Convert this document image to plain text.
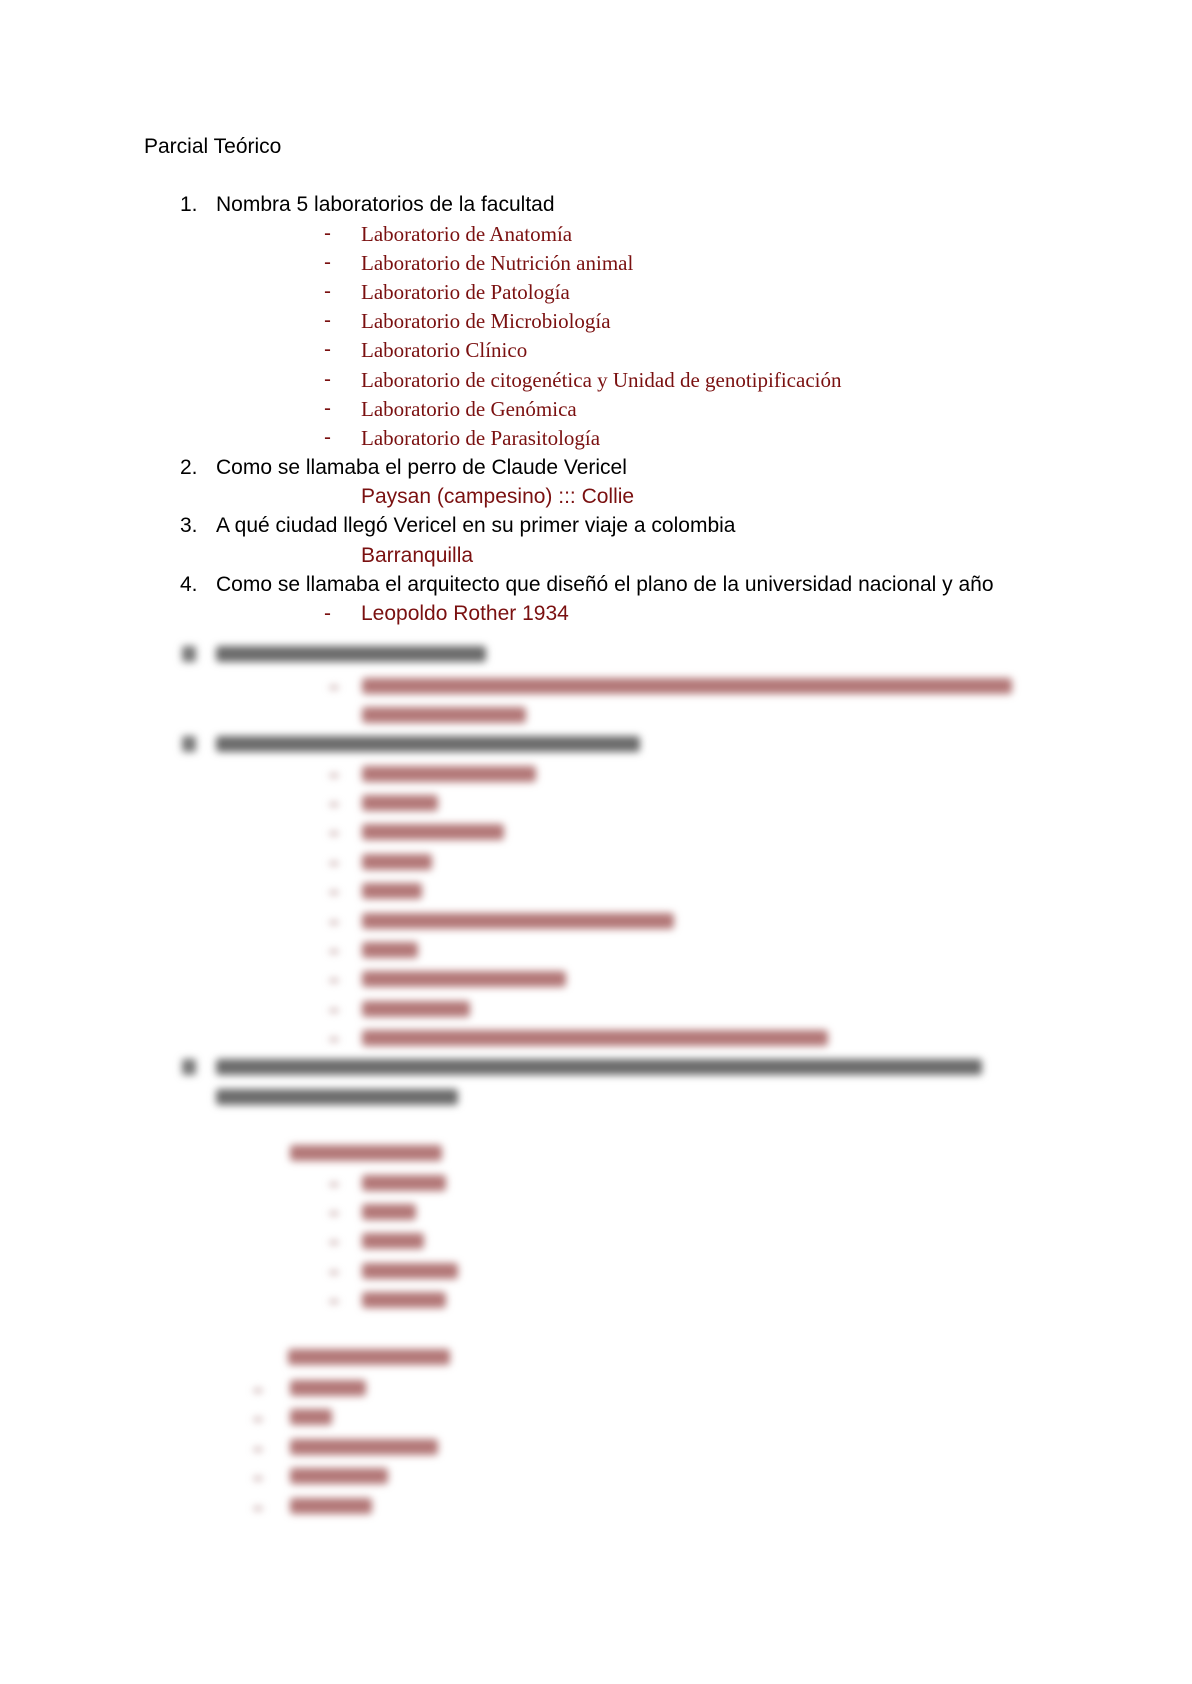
Parcial Teórico
1. Nombra 5 laboratorios de la facultad
- Laboratorio de Anatomía
- Laboratorio de Nutrición animal
- Laboratorio de Patología
- Laboratorio de Microbiología
- Laboratorio Clínico
- Laboratorio de citogenética y Unidad de genotipificación
- Laboratorio de Genómica
- Laboratorio de Parasitología
2. Como se llamaba el perro de Claude Vericel
Paysan (campesino) ::: Collie
3. A qué ciudad llegó Vericel en su primer viaje a colombia
Barranquilla
4. Como se llamaba el arquitecto que diseñó el plano de la universidad nacional y año
- Leopoldo Rother 1934
